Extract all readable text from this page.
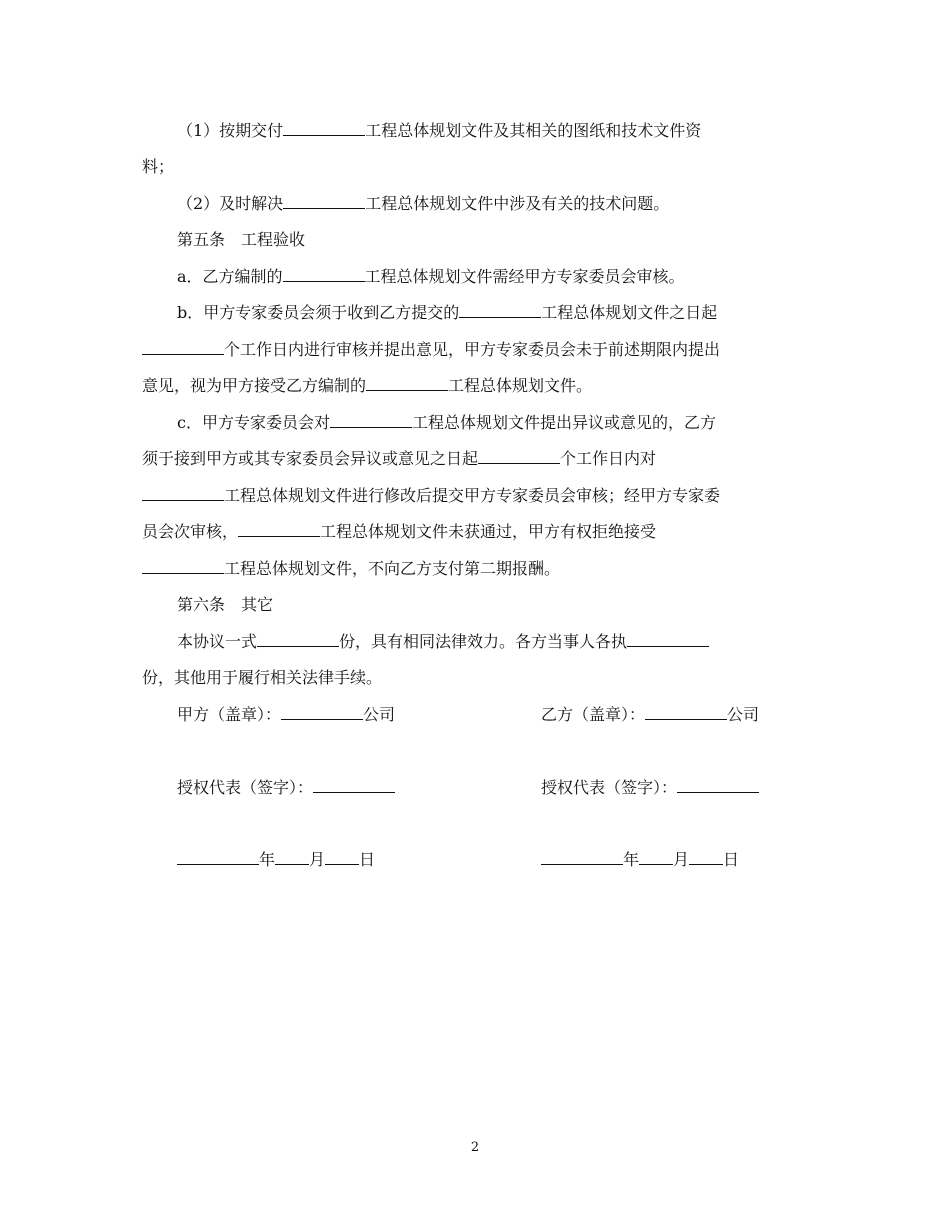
（1）按期交付	工程总体规划文件及其相关的图纸和技术文件资
料；
（2）及时解决	工程总体规划文件中涉及有关的技术问题。
第五条　工程验收
a．乙方编制的	工程总体规划文件需经甲方专家委员会审核。
b．甲方专家委员会须于收到乙方提交的	工程总体规划文件之日起
个工作日内进行审核并提出意见，甲方专家委员会未于前述期限内提出
意见，视为甲方接受乙方编制的	工程总体规划文件。
c．甲方专家委员会对	工程总体规划文件提出异议或意见的，乙方
须于接到甲方或其专家委员会异议或意见之日起	个工作日内对
工程总体规划文件进行修改后提交甲方专家委员会审核；经甲方专家委
员会次审核，	工程总体规划文件未获通过，甲方有权拒绝接受
工程总体规划文件，不向乙方支付第二期报酬。
第六条　其它
本协议一式	份，具有相同法律效力。各方当事人各执
份，其他用于履行相关法律手续。
甲方（盖章）：	公司	乙方（盖章）：	公司
授权代表（签字）：	授权代表（签字）：
年 月 日	年 月 日
2
